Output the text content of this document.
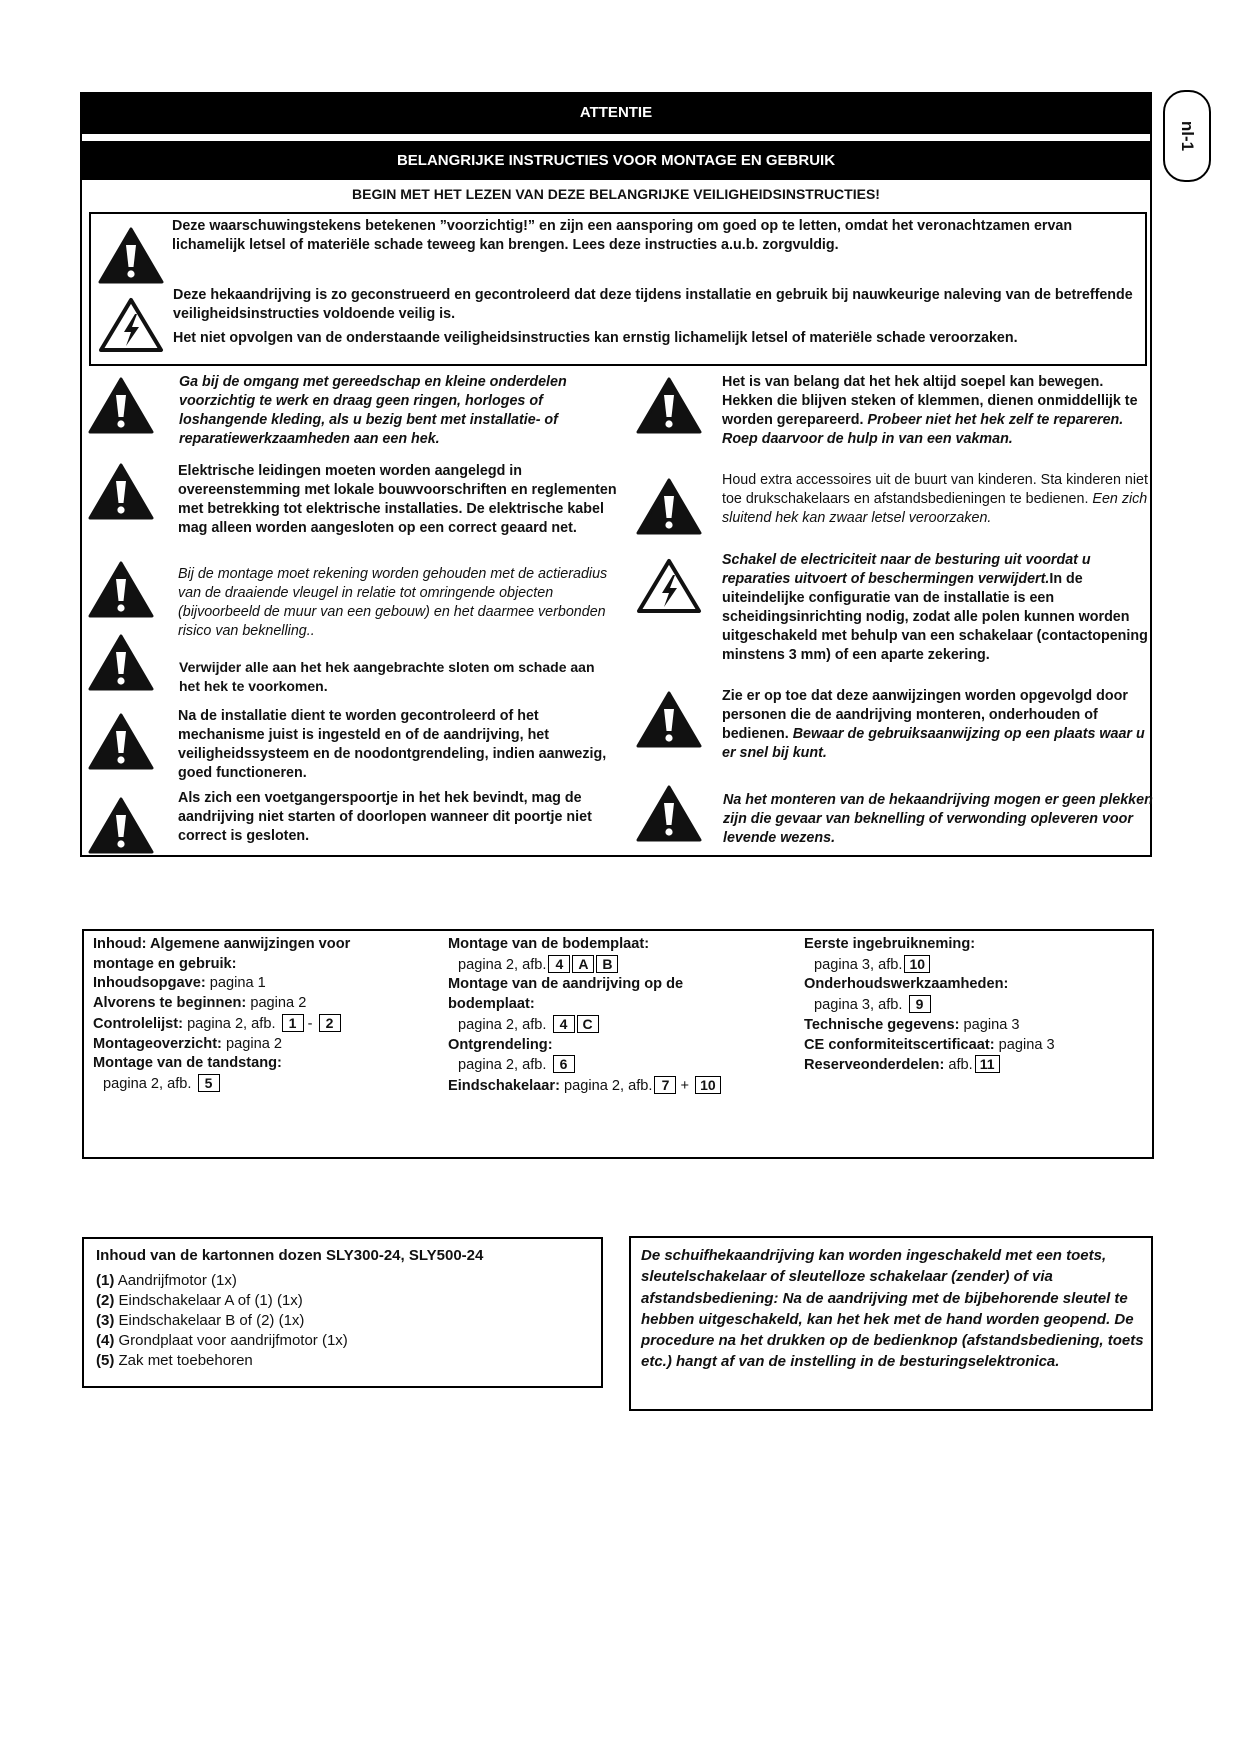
nl-1
ATTENTIE
BELANGRIJKE INSTRUCTIES VOOR MONTAGE EN GEBRUIK
BEGIN MET HET LEZEN VAN DEZE BELANGRIJKE VEILIGHEIDSINSTRUCTIES!
Deze waarschuwingstekens betekenen ”voorzichtig!” en zijn een aansporing om goed op te letten, omdat het veronachtzamen ervan lichamelijk letsel of materiële schade teweeg kan brengen. Lees deze instructies a.u.b. zorgvuldig.
Deze hekaandrijving is zo geconstrueerd en gecontroleerd dat deze tijdens installatie en gebruik bij nauwkeurige naleving van de betreffende veiligheidsinstructies voldoende veilig is.
Het niet opvolgen van de onderstaande veiligheidsinstructies kan ernstig lichamelijk letsel of materiële schade veroorzaken.
Ga bij de omgang met gereedschap en kleine onderdelen voorzichtig te werk en draag geen ringen, horloges of loshangende kleding, als u bezig bent met installatie- of reparatiewerkzaamheden aan een hek.
Elektrische leidingen moeten worden aangelegd in overeenstemming met lokale bouwvoorschriften en reglementen met betrekking tot elektrische installaties. De elektrische kabel mag alleen worden aangesloten op een correct geaard net.
Bij de montage moet rekening worden gehouden met de actieradius van de draaiende vleugel in relatie tot omringende objecten (bijvoorbeeld de muur van een gebouw) en het daarmee verbonden risico van beknelling..
Verwijder alle aan het hek aangebrachte sloten om schade aan het hek te voorkomen.
Na de installatie dient te worden gecontroleerd of het mechanisme juist is ingesteld en of de aandrijving, het veiligheidssysteem en de noodontgrendeling, indien aanwezig, goed functioneren.
Als zich een voetgangerspoortje in het hek bevindt, mag de aandrijving niet starten of doorlopen wanneer dit poortje niet correct is gesloten.
Het is van belang dat het hek altijd soepel kan bewegen. Hekken die blijven steken of klemmen, dienen onmiddellijk te worden gerepareerd. Probeer niet het hek zelf te repareren. Roep daarvoor de hulp in van een vakman.
Houd extra accessoires uit de buurt van kinderen. Sta kinderen niet toe drukschakelaars en afstandsbedieningen te bedienen. Een zich sluitend hek kan zwaar letsel veroorzaken.
Schakel de electriciteit naar de besturing uit voordat u reparaties uitvoert of beschermingen verwijdert.In de uiteindelijke configuratie van de installatie is een scheidingsinrichting nodig, zodat alle polen kunnen worden uitgeschakeld met behulp van een schakelaar (contactopening minstens 3 mm) of een aparte zekering.
Zie er op toe dat deze aanwijzingen worden opgevolgd door personen die de aandrijving monteren, onderhouden of bedienen. Bewaar de gebruiksaanwijzing op een plaats waar u er snel bij kunt.
Na het monteren van de hekaandrijving mogen er geen plekken zijn die gevaar van beknelling of verwonding opleveren voor levende wezens.
Inhoud: Algemene aanwijzingen voor
montage en gebruik:
Inhoudsopgave: pagina 1
Alvorens te beginnen: pagina 2
Controlelijst: pagina 2, afb. 1 - 2
Montageoverzicht: pagina 2
Montage van de tandstang:
pagina 2, afb. 5
Montage van de bodemplaat:
pagina 2, afb. 4 A B
Montage van de aandrijving op de
bodemplaat:
pagina 2, afb. 4 C
Ontgrendeling:
pagina 2, afb. 6
Eindschakelaar: pagina 2, afb. 7 + 10
Eerste ingebruikneming:
pagina 3, afb. 10
Onderhoudswerkzaamheden:
pagina 3, afb. 9
Technische gegevens: pagina 3
CE conformiteitscertificaat: pagina 3
Reserveonderdelen: afb. 11
Inhoud van de kartonnen dozen SLY300-24, SLY500-24
(1) Aandrijfmotor (1x)
(2) Eindschakelaar A of (1) (1x)
(3) Eindschakelaar B of (2) (1x)
(4) Grondplaat voor aandrijfmotor (1x)
(5) Zak met toebehoren
De schuifhekaandrijving kan worden ingeschakeld met een toets, sleutelschakelaar of sleutelloze schakelaar (zender) of via afstandsbediening: Na de aandrijving met de bijbehorende sleutel te hebben uitgeschakeld, kan het hek met de hand worden geopend. De procedure na het drukken op de bedienknop (afstandsbediening, toets etc.) hangt af van de instelling in de besturingselektronica.
